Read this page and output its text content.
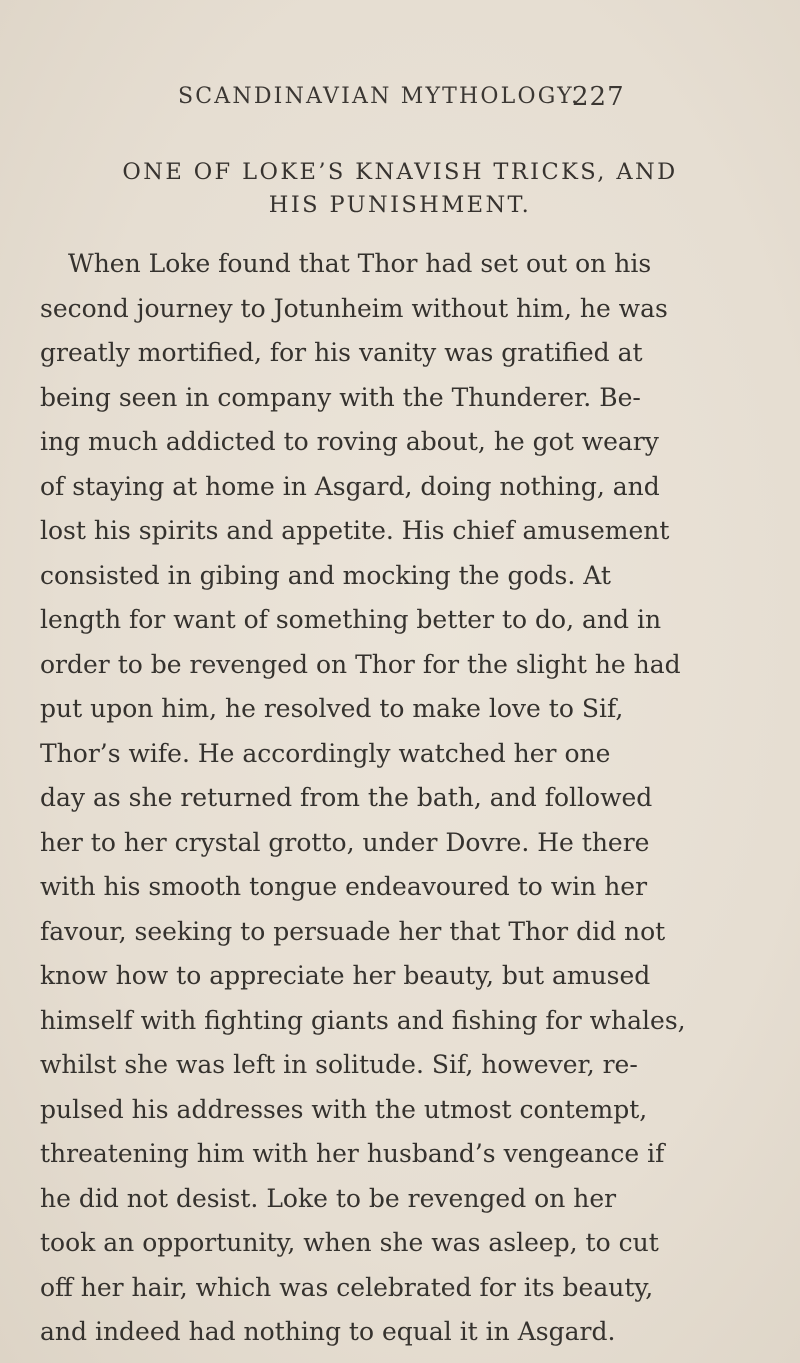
SCANDINAVIAN MYTHOLOGY.
227
ONE OF LOKE’S KNAVISH TRICKS, AND
HIS PUNISHMENT.
When Loke found that Thor had set out on his
second journey to Jotunheim without him, he was
greatly mortified, for his vanity was gratified at
being seen in company with the Thunderer. Be-
ing much addicted to roving about, he got weary
of staying at home in Asgard, doing nothing, and
lost his spirits and appetite. His chief amusement
consisted in gibing and mocking the gods. At
length for want of something better to do, and in
order to be revenged on Thor for the slight he had
put upon him, he resolved to make love to Sif,
Thor’s wife. He accordingly watched her one
day as she returned from the bath, and followed
her to her crystal grotto, under Dovre. He there
with his smooth tongue endeavoured to win her
favour, seeking to persuade her that Thor did not
know how to appreciate her beauty, but amused
himself with fighting giants and fishing for whales,
whilst she was left in solitude. Sif, however, re-
pulsed his addresses with the utmost contempt,
threatening him with her husband’s vengeance if
he did not desist. Loke to be revenged on her
took an opportunity, when she was asleep, to cut
off her hair, which was celebrated for its beauty,
and indeed had nothing to equal it in Asgard.
